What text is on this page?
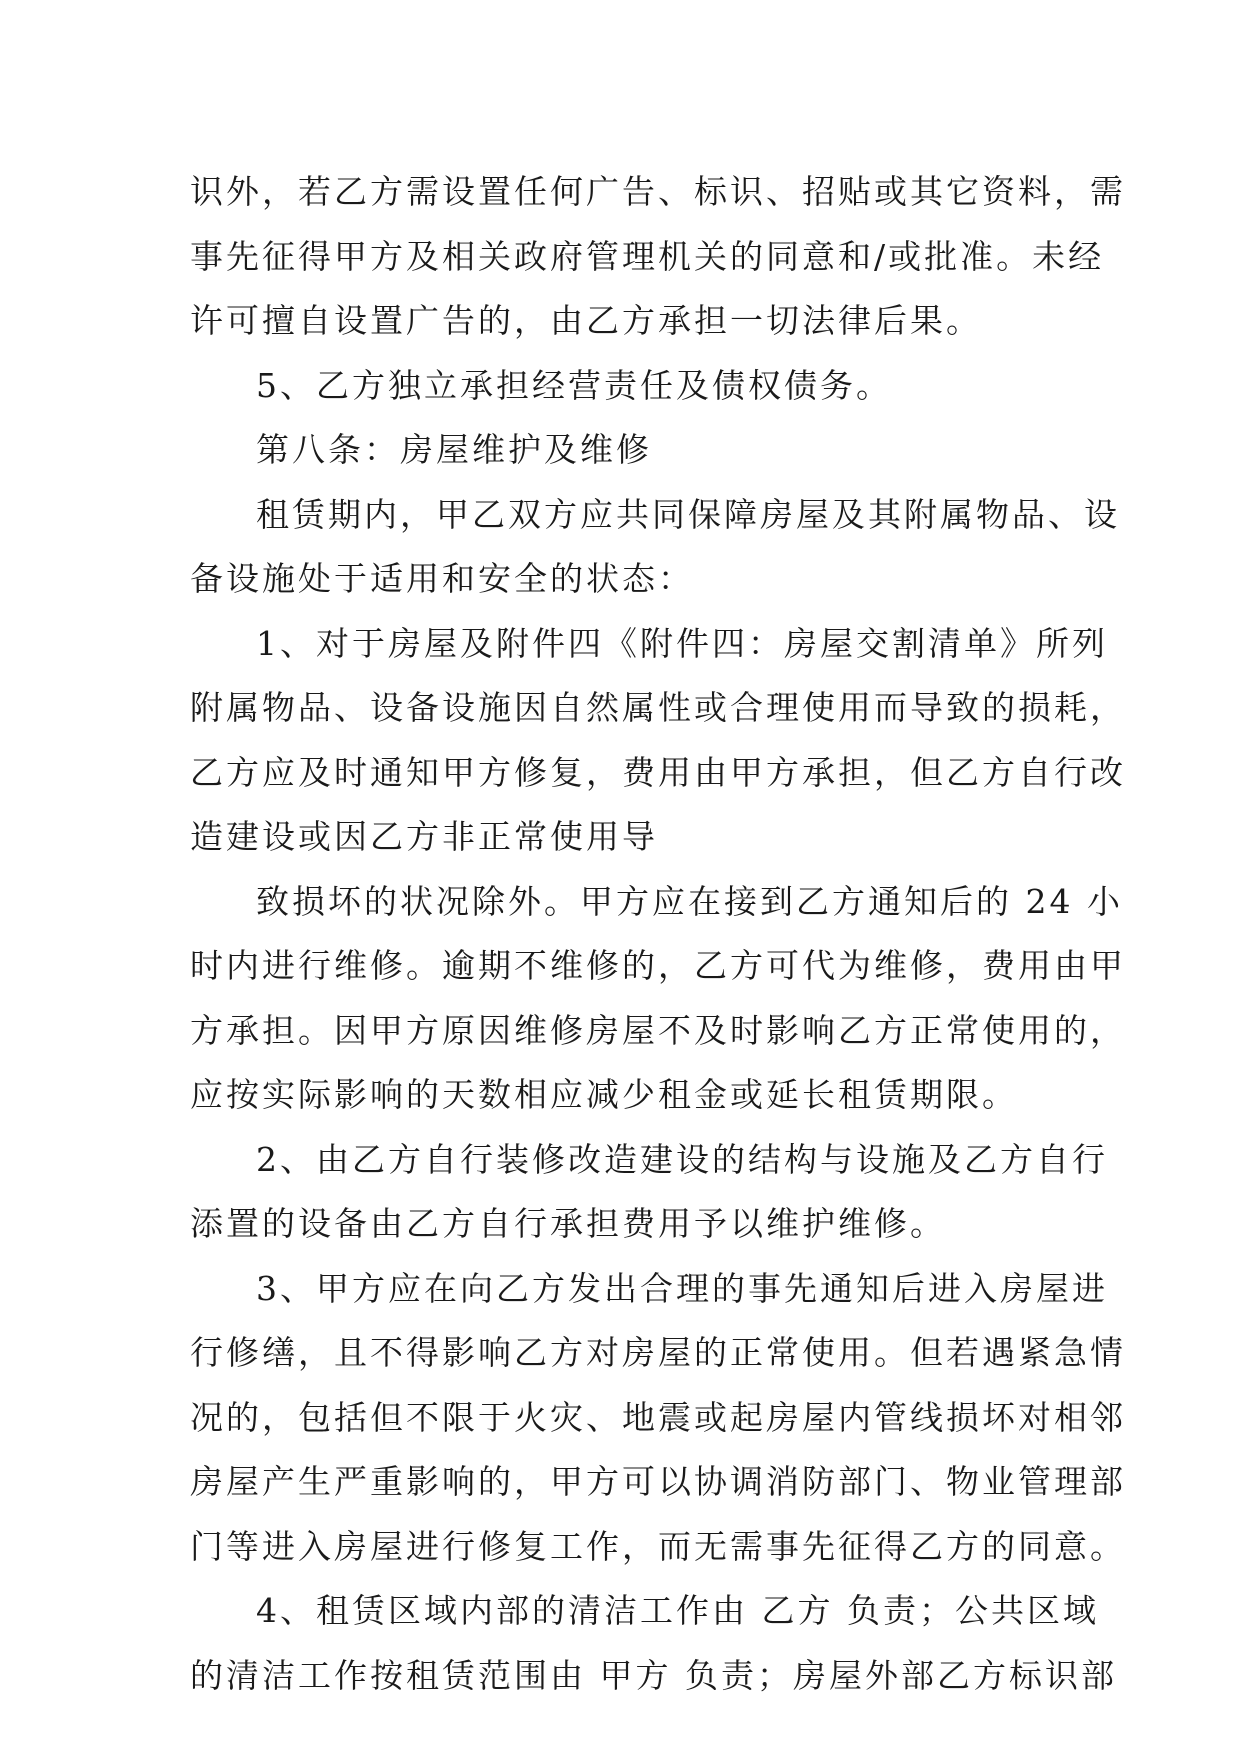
识外，若乙方需设置任何广告、标识、招贴或其它资料，需
事先征得甲方及相关政府管理机关的同意和/或批准。未经
许可擅自设置广告的，由乙方承担一切法律后果。
5、乙方独立承担经营责任及债权债务。
第八条：房屋维护及维修
租赁期内，甲乙双方应共同保障房屋及其附属物品、设
备设施处于适用和安全的状态：
1、对于房屋及附件四《附件四：房屋交割清单》所列
附属物品、设备设施因自然属性或合理使用而导致的损耗，
乙方应及时通知甲方修复，费用由甲方承担，但乙方自行改
造建设或因乙方非正常使用导
致损坏的状况除外。甲方应在接到乙方通知后的 24 小
时内进行维修。逾期不维修的，乙方可代为维修，费用由甲
方承担。因甲方原因维修房屋不及时影响乙方正常使用的，
应按实际影响的天数相应减少租金或延长租赁期限。
2、由乙方自行装修改造建设的结构与设施及乙方自行
添置的设备由乙方自行承担费用予以维护维修。
3、甲方应在向乙方发出合理的事先通知后进入房屋进
行修缮，且不得影响乙方对房屋的正常使用。但若遇紧急情
况的，包括但不限于火灾、地震或起房屋内管线损坏对相邻
房屋产生严重影响的，甲方可以协调消防部门、物业管理部
门等进入房屋进行修复工作，而无需事先征得乙方的同意。
4、租赁区域内部的清洁工作由 乙方 负责；公共区域
的清洁工作按租赁范围由 甲方 负责；房屋外部乙方标识部
